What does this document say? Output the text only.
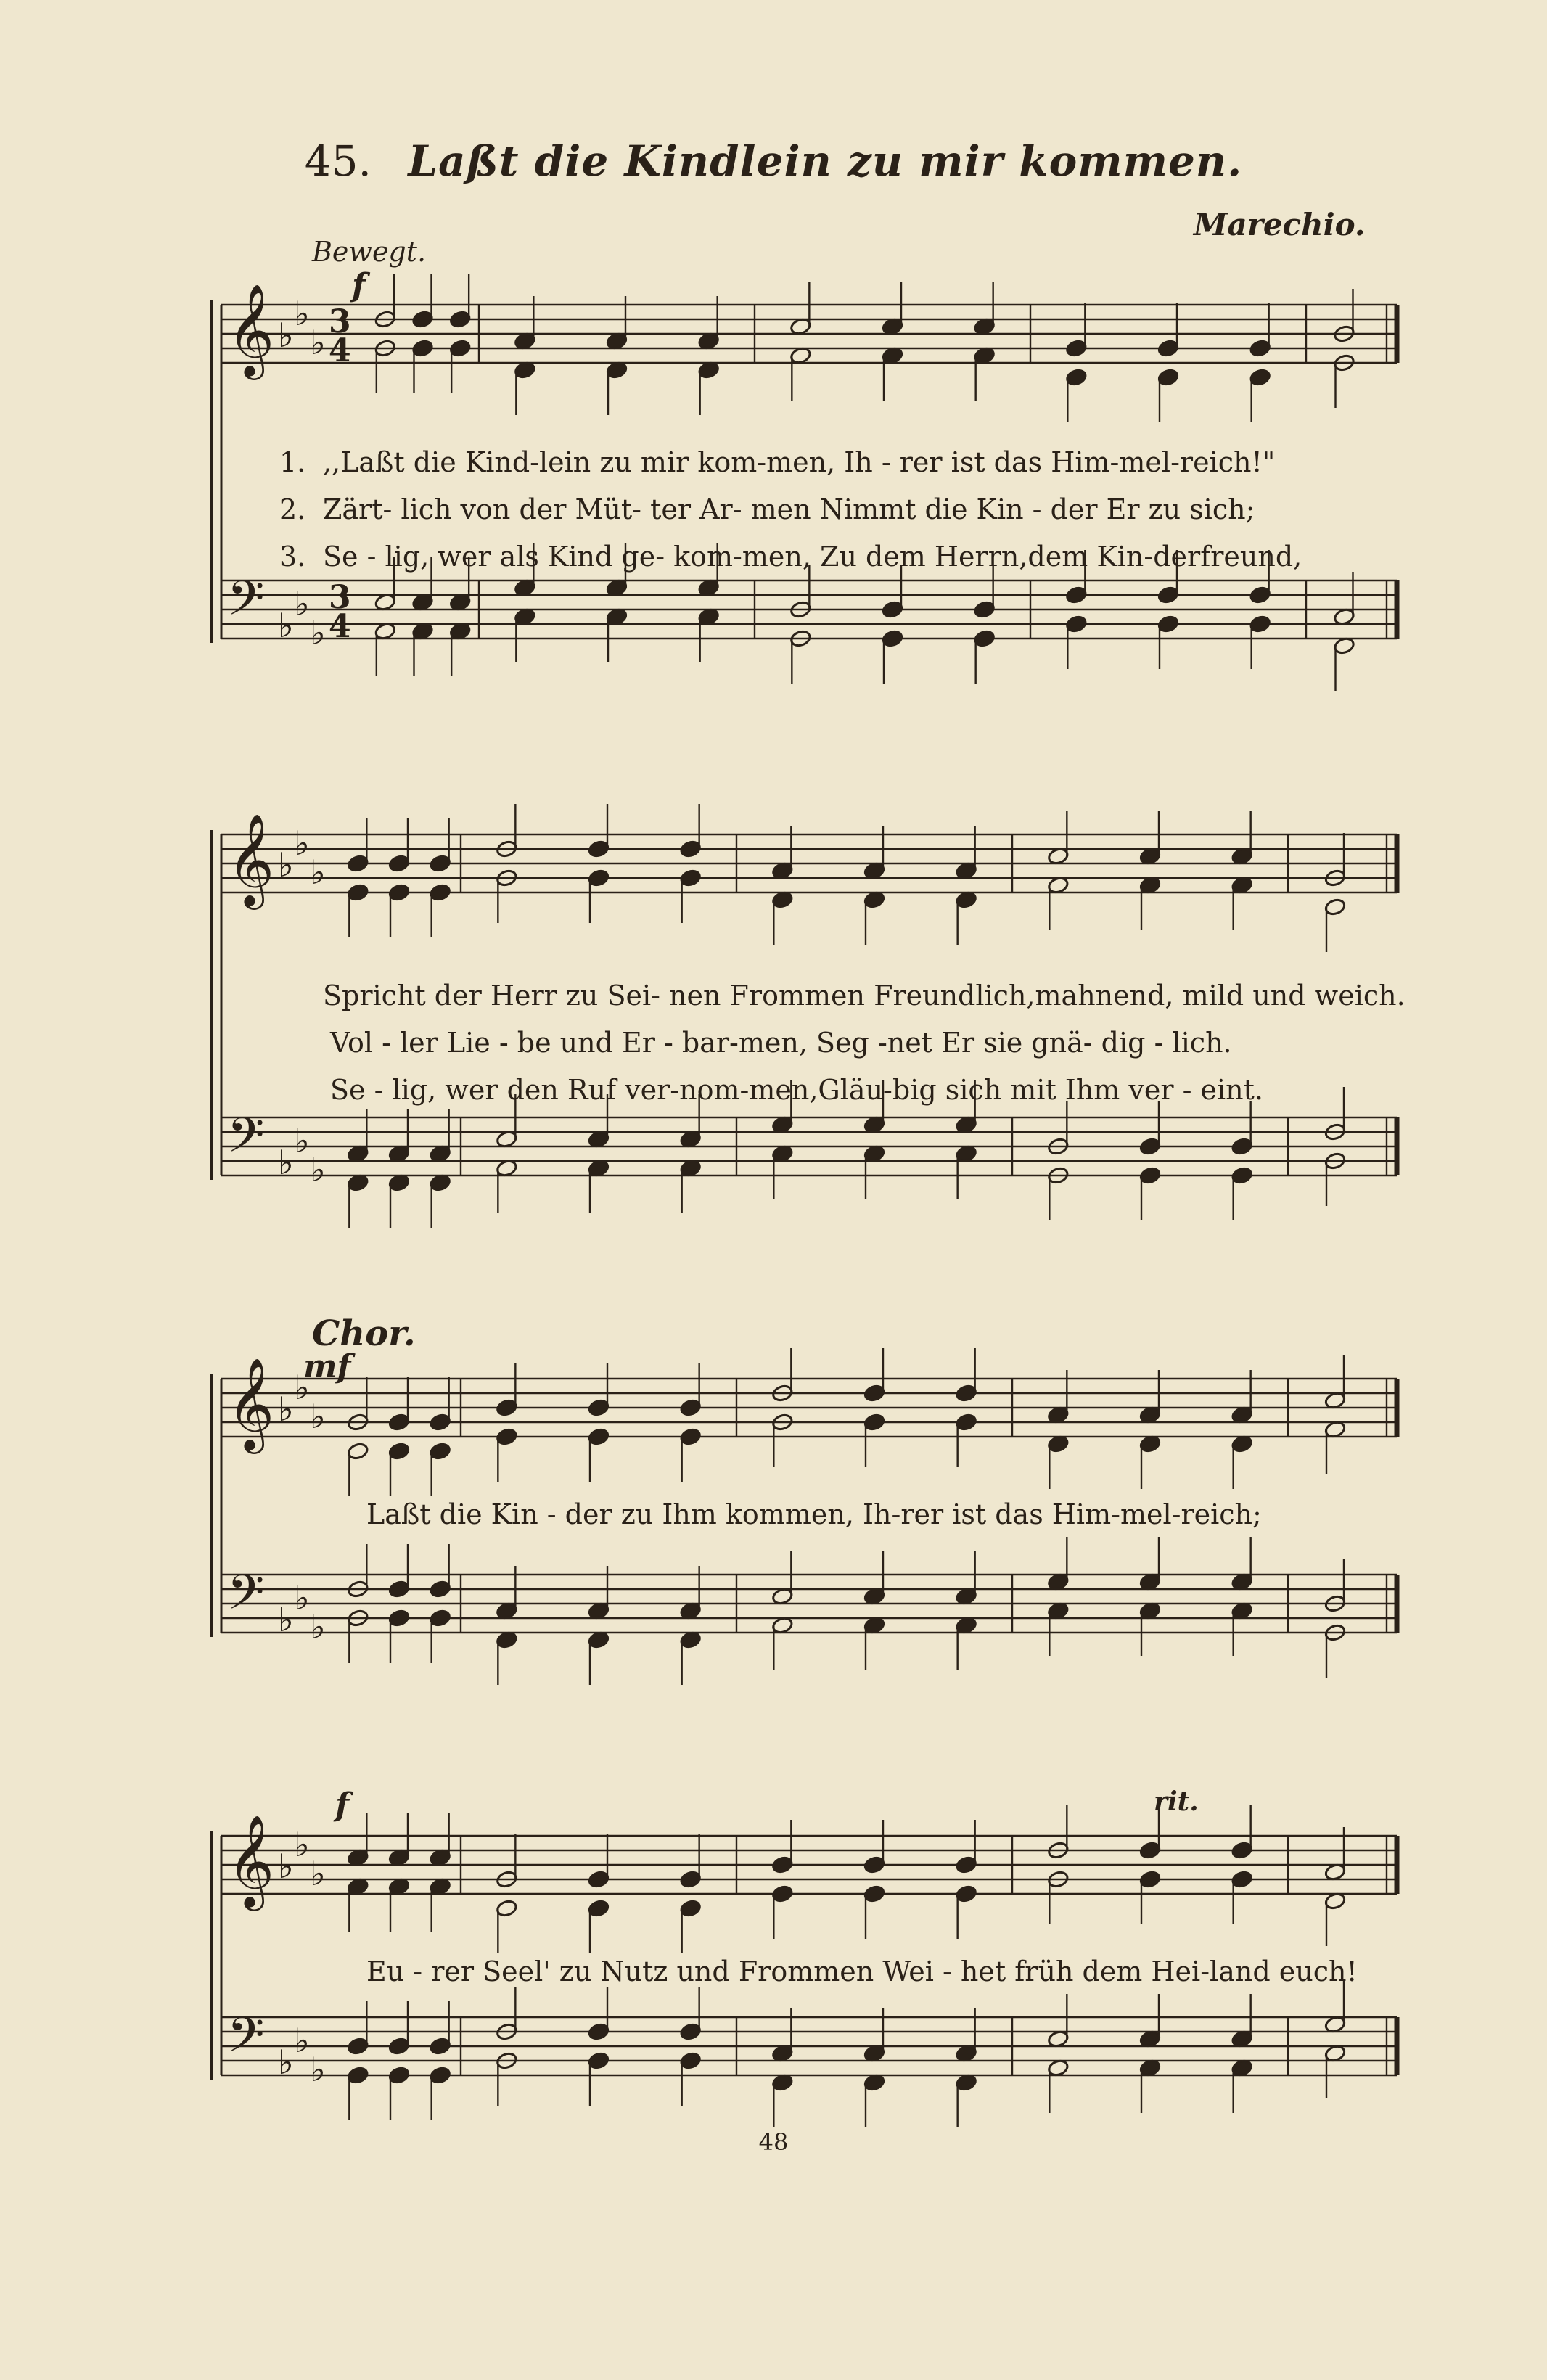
45. Laßt die Kindlein zu mir kommen.
Bewegt.
Marechio.
f
Chor.
mf
f	rit.
1. ,,Laßt die Kind-lein zu mir kom-men, Ih - rer ist das Him-mel-reich!"
2. Zärt- lich von der Müt- ter Ar- men Nimmt die Kin - der Er zu sich;
3. Se - lig, wer als Kind ge- kom-men, Zu dem Herrn,dem Kin-derfreund,
Spricht der Herr zu Sei- nen Frommen Freundlich,mahnend, mild und weich.
Vol - ler Lie - be und Er - bar-men, Seg -net Er sie gnä- dig - lich.
Se - lig, wer den Ruf ver-nom-men,Gläu-big sich mit Ihm ver - eint.
Laßt die Kin - der zu Ihm kommen, Ih-rer ist das Him-mel-reich;
Eu - rer Seel' zu Nutz und Frommen Wei - het früh dem Hei-land euch!
𝄞
𝄢
♭
♭
♭
♭
♭
♭
3
3
4
4
𝄞
𝄢
♭
♭
♭
♭
♭
♭
𝄞
𝄢
♭
♭
♭
♭
♭
♭
𝄞
𝄢
♭
♭
♭
♭
♭
♭
48
